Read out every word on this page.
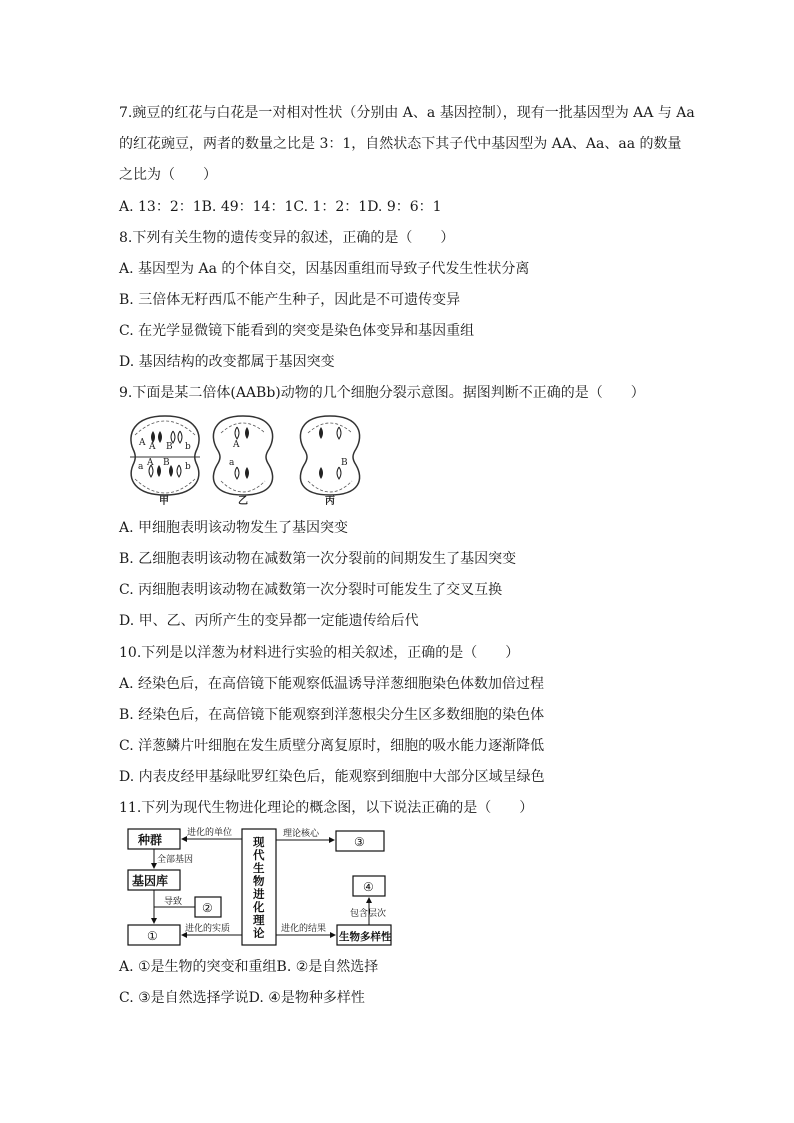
7.豌豆的红花与白花是一对相对性状（分别由 A、a 基因控制），现有一批基因型为 AA 与 Aa
的红花豌豆，两者的数量之比是 3：1，自然状态下其子代中基因型为 AA、Aa、aa 的数量
之比为（　　）
A. 13：2：1B. 49：14：1C. 1：2：1D. 9：6：1
8.下列有关生物的遗传变异的叙述，正确的是（　　）
A. 基因型为 Aa 的个体自交，因基因重组而导致子代发生性状分离
B. 三倍体无籽西瓜不能产生种子，因此是不可遗传变异
C. 在光学显微镜下能看到的突变是染色体变异和基因重组
D. 基因结构的改变都属于基因突变
9.下面是某二倍体(AABb)动物的几个细胞分裂示意图。据图判断不正确的是（　　）
A A B b
a A B b
甲
A
a
乙
B
丙
A. 甲细胞表明该动物发生了基因突变
B. 乙细胞表明该动物在减数第一次分裂前的间期发生了基因突变
C. 丙细胞表明该动物在减数第一次分裂时可能发生了交叉互换
D. 甲、乙、丙所产生的变异都一定能遗传给后代
10.下列是以洋葱为材料进行实验的相关叙述，正确的是（　　）
A. 经染色后，在高倍镜下能观察低温诱导洋葱细胞染色体数加倍过程
B. 经染色后，在高倍镜下能观察到洋葱根尖分生区多数细胞的染色体
C. 洋葱鳞片叶细胞在发生质壁分离复原时，细胞的吸水能力逐渐降低
D. 内表皮经甲基绿吡罗红染色后，能观察到细胞中大部分区域呈绿色
11.下列为现代生物进化理论的概念图，以下说法正确的是（　　）
种群
基因库
②
①
现 代 生 物 进 化 理 论
③
④
生物多样性
进化的单位
全部基因
导致
进化的实质
理论核心
进化的结果
包含层次
A. ①是生物的突变和重组B. ②是自然选择
C. ③是自然选择学说D. ④是物种多样性
